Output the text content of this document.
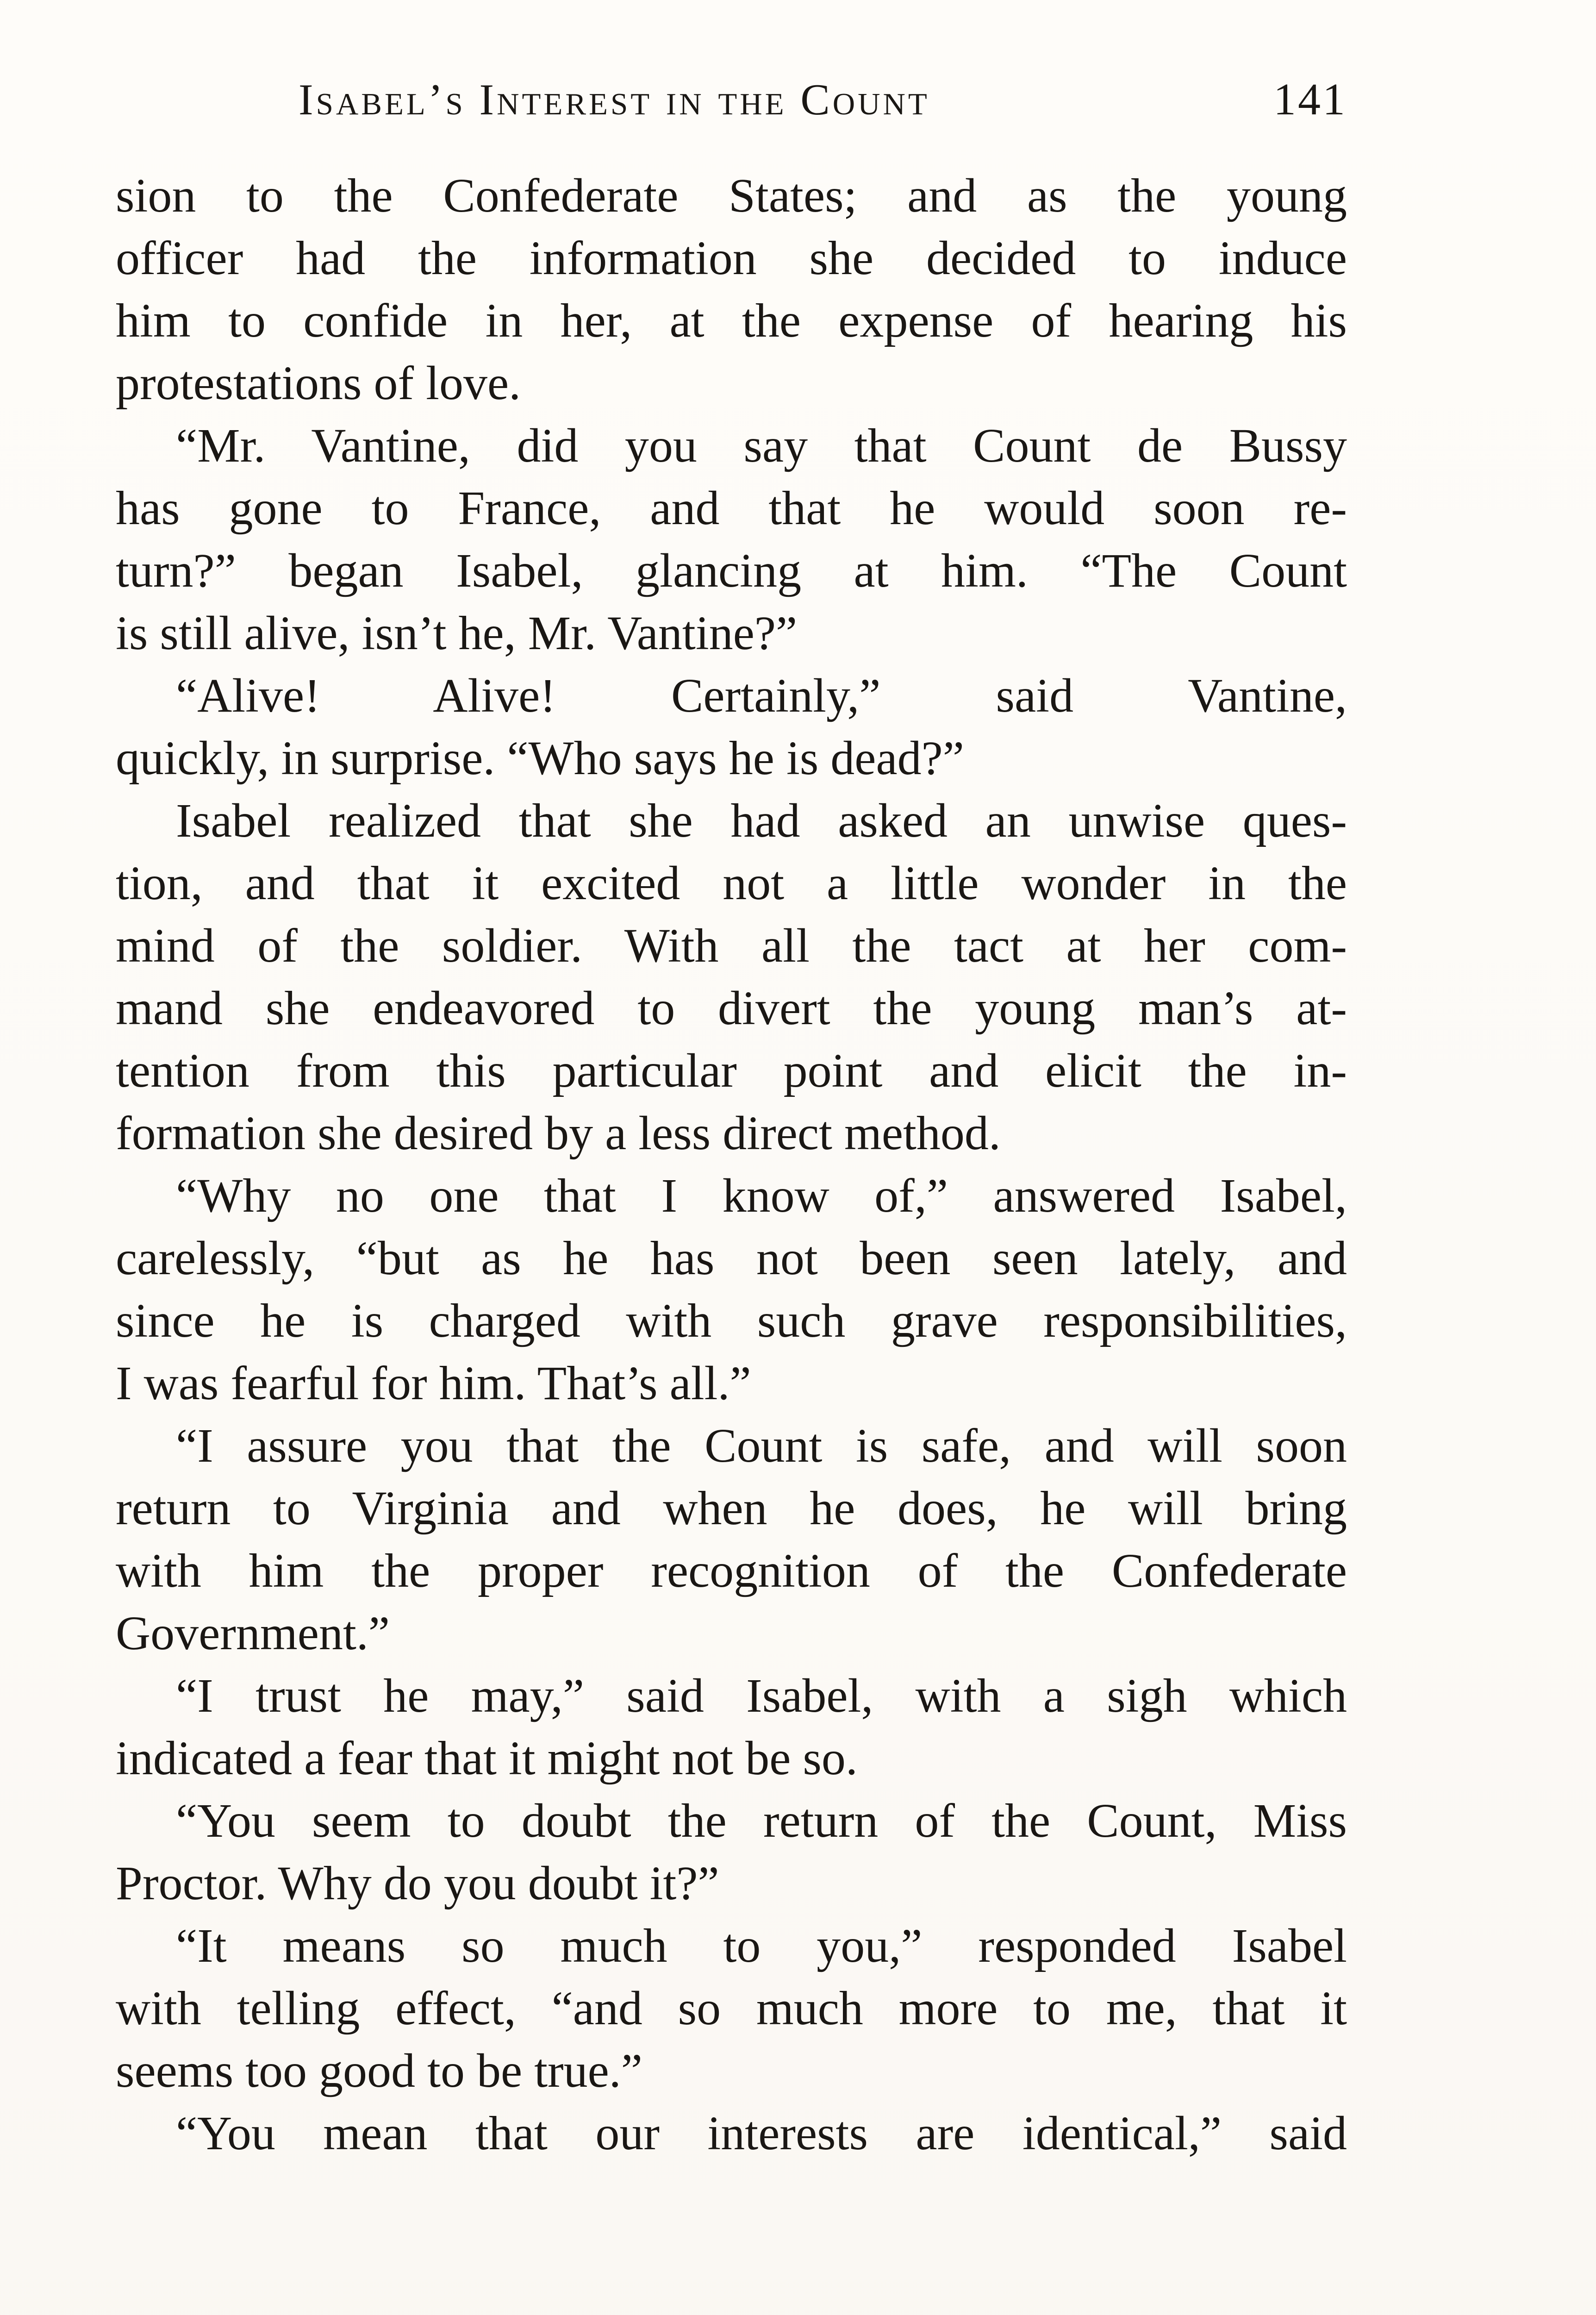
Isabel’s Interest in the Count	141
sion to the Confederate States; and as the young
officer had the information she decided to induce
him to confide in her, at the expense of hearing his
protestations of love.
“Mr. Vantine, did you say that Count de Bussy
has gone to France, and that he would soon re-
turn?” began Isabel, glancing at him. “The Count
is still alive, isn’t he, Mr. Vantine?”
“Alive! Alive! Certainly,” said Vantine,
quickly, in surprise. “Who says he is dead?”
Isabel realized that she had asked an unwise ques-
tion, and that it excited not a little wonder in the
mind of the soldier. With all the tact at her com-
mand she endeavored to divert the young man’s at-
tention from this particular point and elicit the in-
formation she desired by a less direct method.
“Why no one that I know of,” answered Isabel,
carelessly, “but as he has not been seen lately, and
since he is charged with such grave responsibilities,
I was fearful for him. That’s all.”
“I assure you that the Count is safe, and will soon
return to Virginia and when he does, he will bring
with him the proper recognition of the Confederate
Government.”
“I trust he may,” said Isabel, with a sigh which
indicated a fear that it might not be so.
“You seem to doubt the return of the Count, Miss
Proctor. Why do you doubt it?”
“It means so much to you,” responded Isabel
with telling effect, “and so much more to me, that it
seems too good to be true.”
“You mean that our interests are identical,” said
